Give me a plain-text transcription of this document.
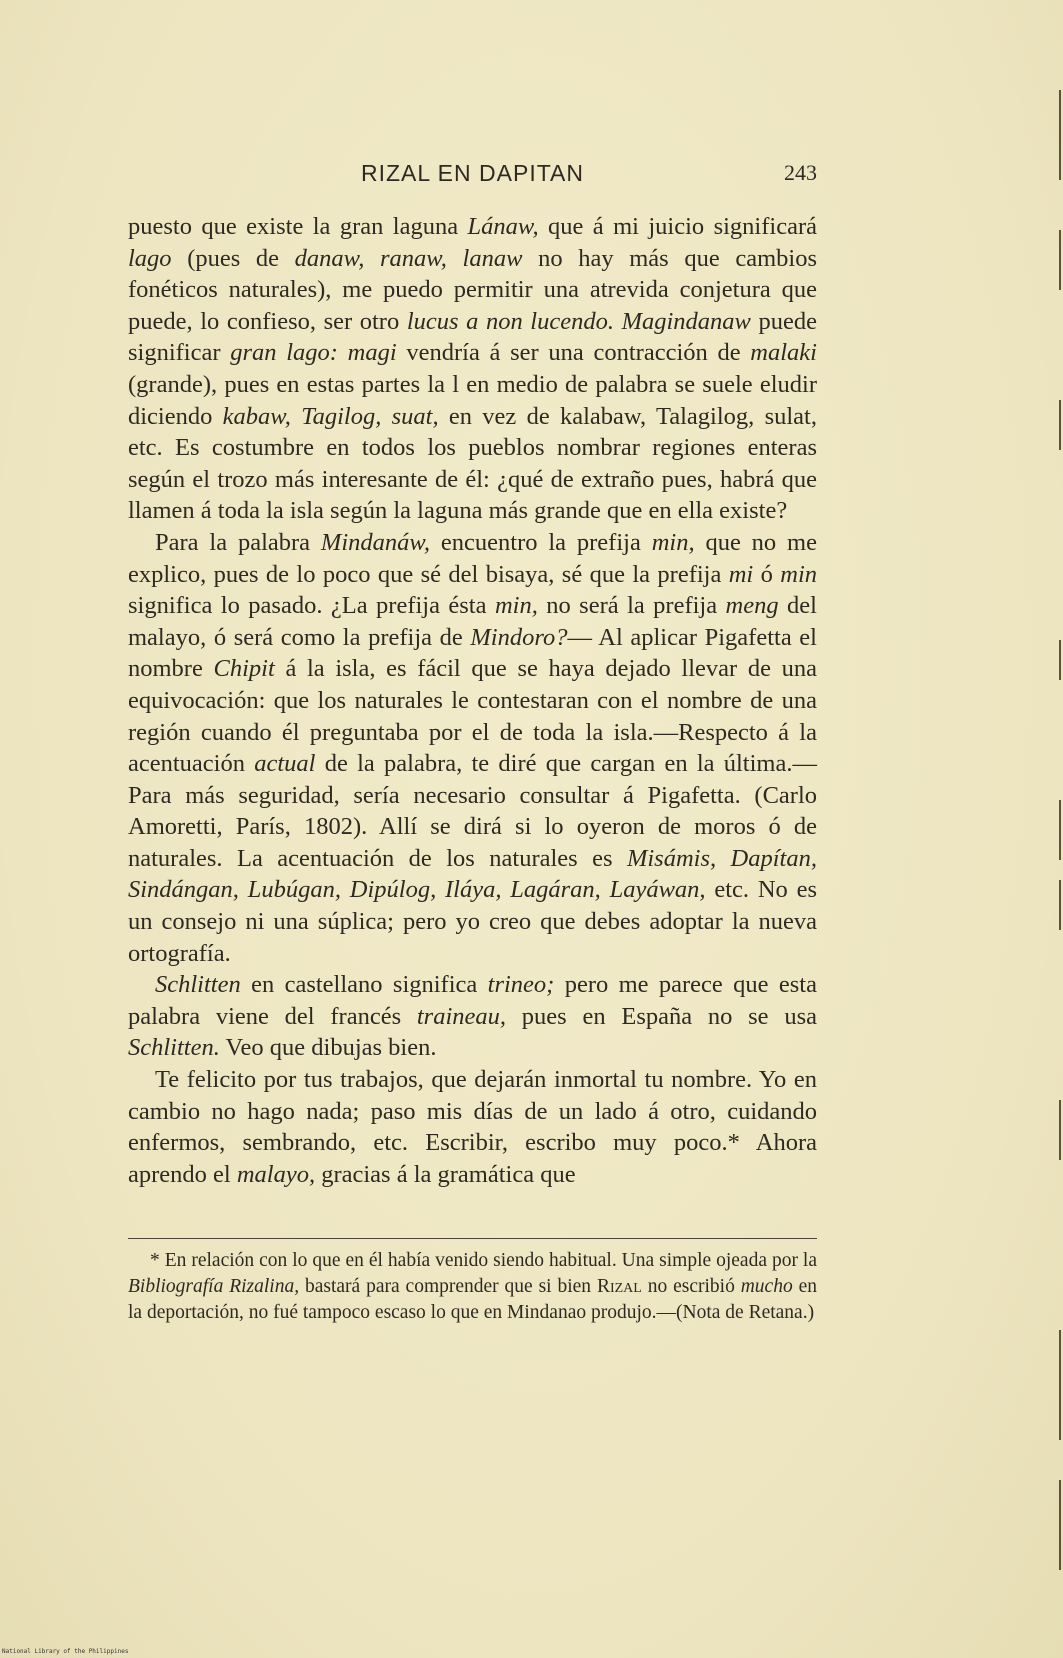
RIZAL EN DAPITAN	243

puesto que existe la gran laguna Lánaw, que á mi juicio significará lago (pues de danaw, ranaw, lanaw no hay más que cambios fonéticos naturales), me puedo permitir una atrevida conjetura que puede, lo confieso, ser otro lucus a non lucendo. Magindanaw puede significar gran lago: magi vendría á ser una contracción de malaki (grande), pues en estas partes la l en medio de palabra se suele eludir diciendo kabaw, Tagilog, suat, en vez de kalabaw, Talagilog, sulat, etc. Es costumbre en todos los pueblos nombrar regiones enteras según el trozo más interesante de él: ¿qué de extraño pues, habrá que llamen á toda la isla según la laguna más grande que en ella existe?

Para la palabra Mindanáw, encuentro la prefija min, que no me explico, pues de lo poco que sé del bisaya, sé que la prefija mi ó min significa lo pasado. ¿La prefija ésta min, no será la prefija meng del malayo, ó será como la prefija de Mindoro?— Al aplicar Pigafetta el nombre Chipit á la isla, es fácil que se haya dejado llevar de una equivocación: que los naturales le contestaran con el nombre de una región cuando él preguntaba por el de toda la isla.—Respecto á la acentuación actual de la palabra, te diré que cargan en la última.—Para más seguridad, sería necesario consultar á Pigafetta. (Carlo Amoretti, París, 1802). Allí se dirá si lo oyeron de moros ó de naturales. La acentuación de los naturales es Misámis, Dapítan, Sindángan, Lubúgan, Dipúlog, Iláya, Lagáran, Layáwan, etc. No es un consejo ni una súplica; pero yo creo que debes adoptar la nueva ortografía.

Schlitten en castellano significa trineo; pero me parece que esta palabra viene del francés traineau, pues en España no se usa Schlitten. Veo que dibujas bien.

Te felicito por tus trabajos, que dejarán inmortal tu nombre. Yo en cambio no hago nada; paso mis días de un lado á otro, cuidando enfermos, sembrando, etc. Escribir, escribo muy poco.* Ahora aprendo el malayo, gracias á la gramática que

* En relación con lo que en él había venido siendo habitual. Una simple ojeada por la Bibliografía Rizalina, bastará para comprender que si bien Rizal no escribió mucho en la deportación, no fué tampoco escaso lo que en Mindanao produjo.—(Nota de Retana.)

National Library of the Philippines
